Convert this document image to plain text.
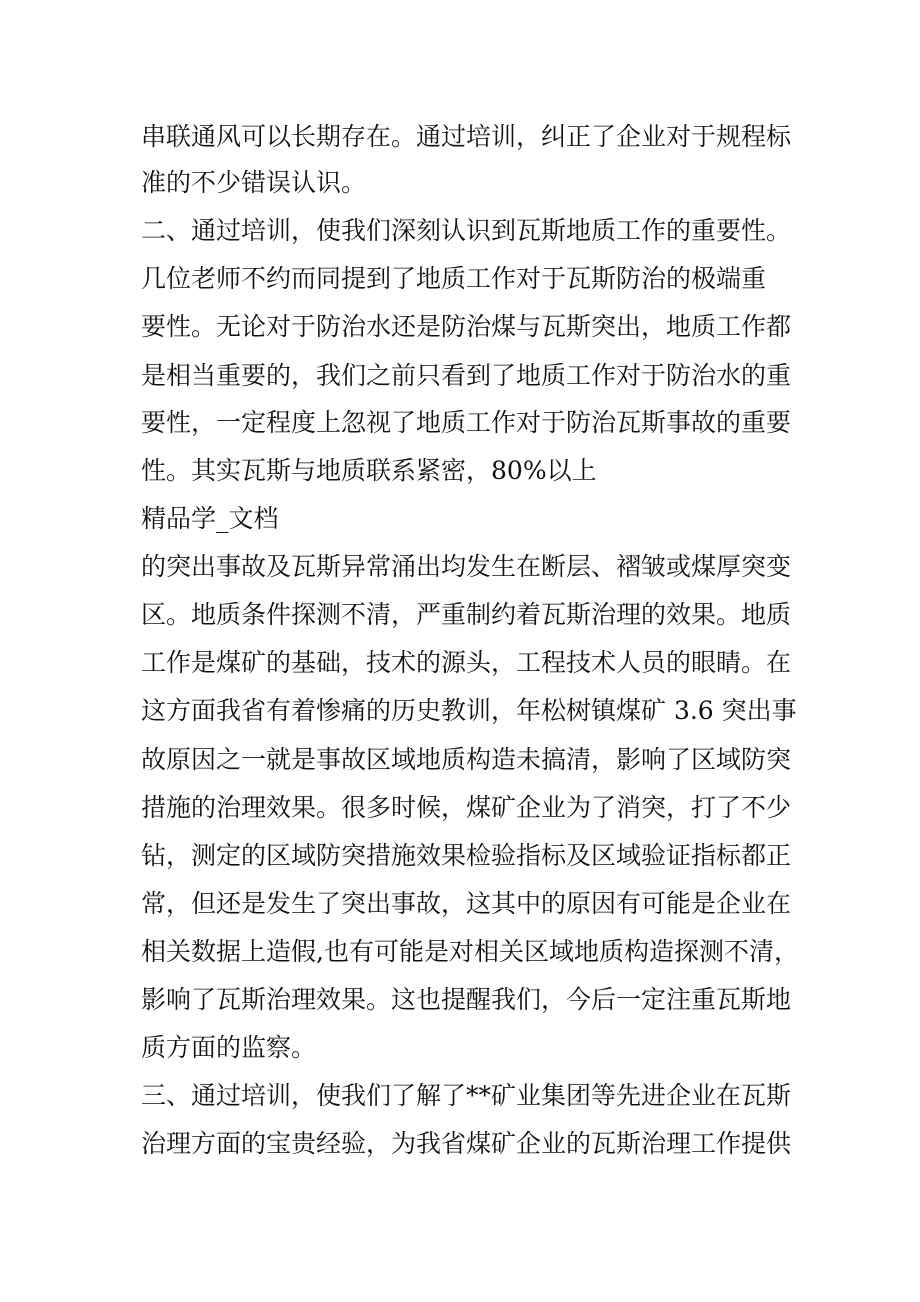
串联通风可以长期存在。通过培训，纠正了企业对于规程标
准的不少错误认识。
二、通过培训，使我们深刻认识到瓦斯地质工作的重要性。
几位老师不约而同提到了地质工作对于瓦斯防治的极端重
要性。无论对于防治水还是防治煤与瓦斯突出，地质工作都
是相当重要的，我们之前只看到了地质工作对于防治水的重
要性，一定程度上忽视了地质工作对于防治瓦斯事故的重要
性。其实瓦斯与地质联系紧密，80%以上
精品学_文档
的突出事故及瓦斯异常涌出均发生在断层、褶皱或煤厚突变
区。地质条件探测不清，严重制约着瓦斯治理的效果。地质
工作是煤矿的基础，技术的源头，工程技术人员的眼睛。在
这方面我省有着惨痛的历史教训，年松树镇煤矿 3.6 突出事
故原因之一就是事故区域地质构造未搞清，影响了区域防突
措施的治理效果。很多时候，煤矿企业为了消突，打了不少
钻，测定的区域防突措施效果检验指标及区域验证指标都正
常，但还是发生了突出事故，这其中的原因有可能是企业在
相关数据上造假,也有可能是对相关区域地质构造探测不清，
影响了瓦斯治理效果。这也提醒我们，今后一定注重瓦斯地
质方面的监察。
三、通过培训，使我们了解了**矿业集团等先进企业在瓦斯
治理方面的宝贵经验，为我省煤矿企业的瓦斯治理工作提供
